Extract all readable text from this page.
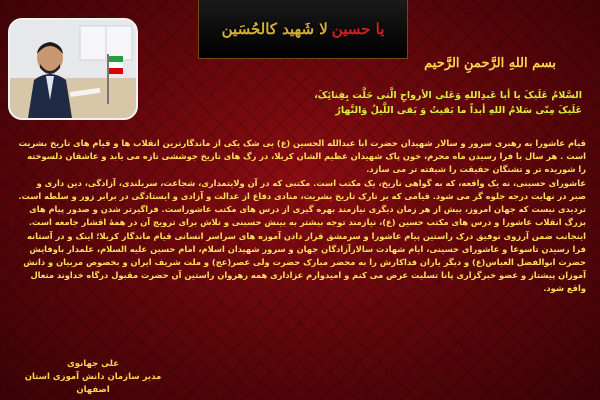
یا حسین
لا شَهید کالحُسَین
بسم اللهِ الرَّحمنِ الرَّحیم
السَّلامُ عَلَیکَ یا أبا عَبدِاللهِ وَعَلی الأرواحِ الَّتی حَلَّت بِفِنائِکَ،
عَلَیکَ مِنّی سَلامُ اللهِ أبداً ما بَقیتُ وَ بَقی اللَّیلُ وَالنَّهارُ

قیام عاشورا به رهبری سرور و سالار شهیدان حضرت ابا عبدالله الحسین (ع) بی شک یکی از ماندگارترین انقلاب ها و قیام های تاریخ بشریت است . هر سال با فرا رسیدن ماه محرم، خون پاک شهیدان عظیم الشان کربلا، در رگ های تاریخ جوششی تازه می یابد و عاشقان دلسوخته را شوریده تر و تشنگان حقیقت را شیفته تر می سازد.

عاشورای حسینی، نه یک واقعه، که به گواهی تاریخ، یک مکتب است. مکتبی که در آن ولایتمداری، شجاعت، سربلندی، آزادگی، دین داری و صبر در نهایت درجه جلوه گر می شود. قیامی که بر تارک تاریخ بشریت، منادی دفاع از عدالت و آزادی و ایستادگی در برابر زور و سلطه است. تردیدی نیست که جهان امروز، بیش از هر زمان دیگری نیازمند بهره گیری از درس های مکتب عاشوراست. فراگیرتر شدن و صدور پیام های بزرگ انقلاب عاشورا و درس های مکتب حسین (ع)، نیازمند توجه بیشتر به بینش حسینی و تلاش برای ترویج آن در همهٔ اقشار جامعه است.

اینجانب ضمن آرزوی توفیق درک راستین پیام عاشورا و سرمشق قرار دادن آموزه های سراسر انسانی قیام ماندگار کربلا؛ اینک و در آستانه فرا رسیدن تاسوعا و عاشورای حسینی، ایام شهادت سالارآزادگان جهان و سرور شهیدان اسلام، امام حسین علیه السلام، علمدار باوفایش حضرت ابوالفضل العباس(ع) و دیگر یاران فداکارش را به محضر مبارک حضرت ولی عصر(عج) و ملت شریف ایران و بخصوص مربیان و دانش آموزان پیشتاز و عضو خبرگزاری پانا تسلیت عرض می کنم و امیدوارم عزاداری همه رهروان راستین آن حضرت مقبول درگاه خداوند متعال واقع شود.

علی جهانوی
مدیر سازمان دانش آموزی استان اصفهان
